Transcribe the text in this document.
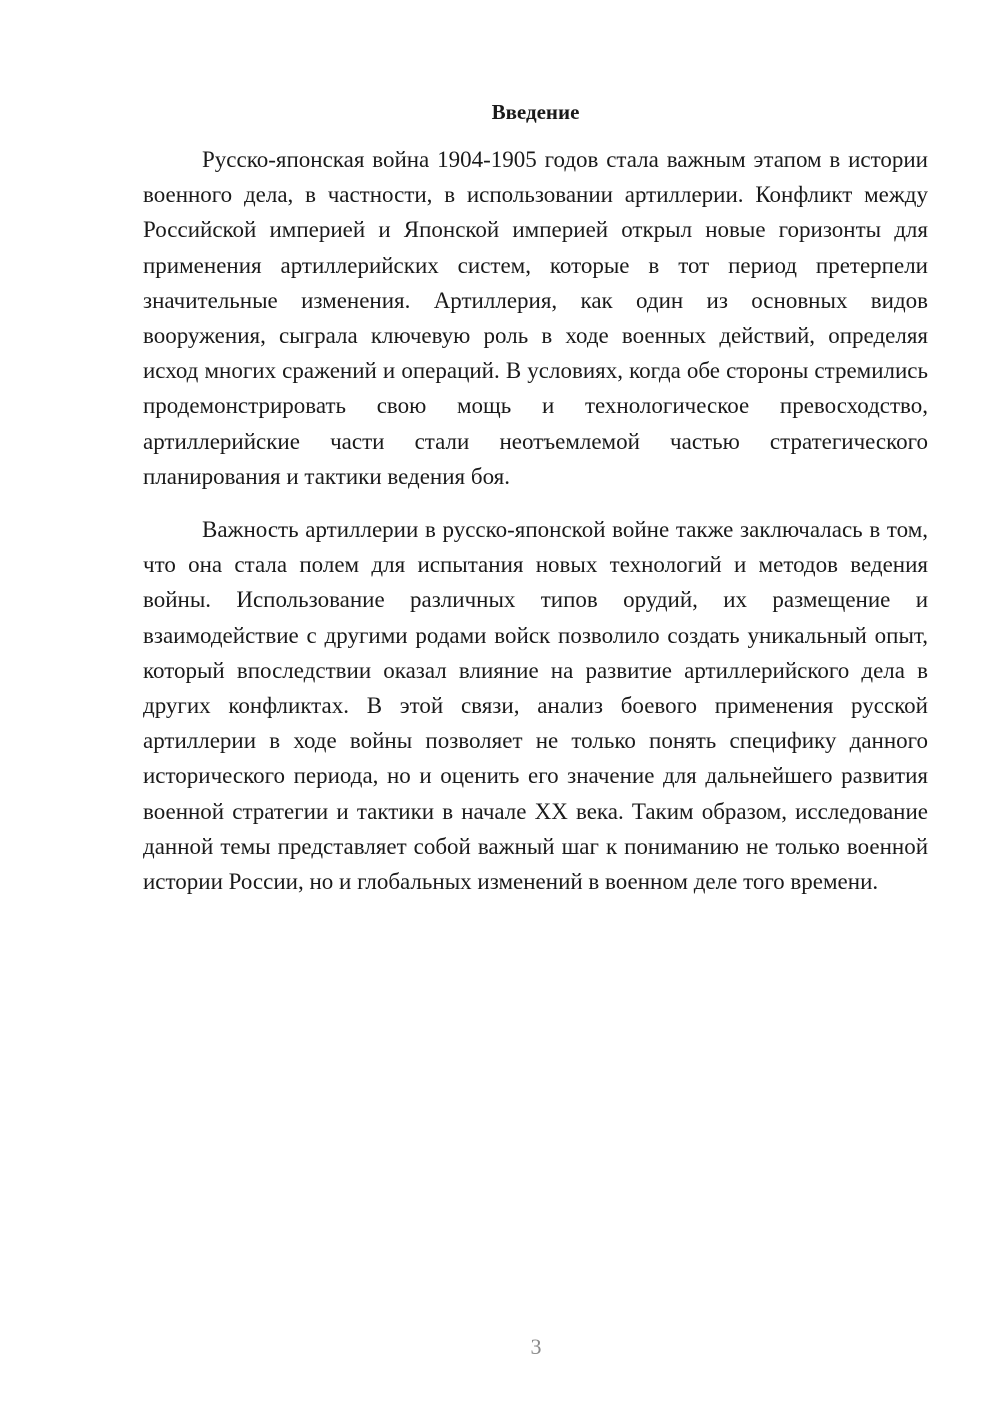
Введение

Русско-японская война 1904-1905 годов стала важным этапом в истории военного дела, в частности, в использовании артиллерии. Конфликт между Российской империей и Японской империей открыл новые горизонты для применения артиллерийских систем, которые в тот период претерпели значительные изменения. Артиллерия, как один из основных видов вооружения, сыграла ключевую роль в ходе военных действий, определяя исход многих сражений и операций. В условиях, когда обе стороны стремились продемонстрировать свою мощь и технологическое превосходство, артиллерийские части стали неотъемлемой частью стратегического планирования и тактики ведения боя.

Важность артиллерии в русско-японской войне также заключалась в том, что она стала полем для испытания новых технологий и методов ведения войны. Использование различных типов орудий, их размещение и взаимодействие с другими родами войск позволило создать уникальный опыт, который впоследствии оказал влияние на развитие артиллерийского дела в других конфликтах. В этой связи, анализ боевого применения русской артиллерии в ходе войны позволяет не только понять специфику данного исторического периода, но и оценить его значение для дальнейшего развития военной стратегии и тактики в начале XX века. Таким образом, исследование данной темы представляет собой важный шаг к пониманию не только военной истории России, но и глобальных изменений в военном деле того времени.

3
